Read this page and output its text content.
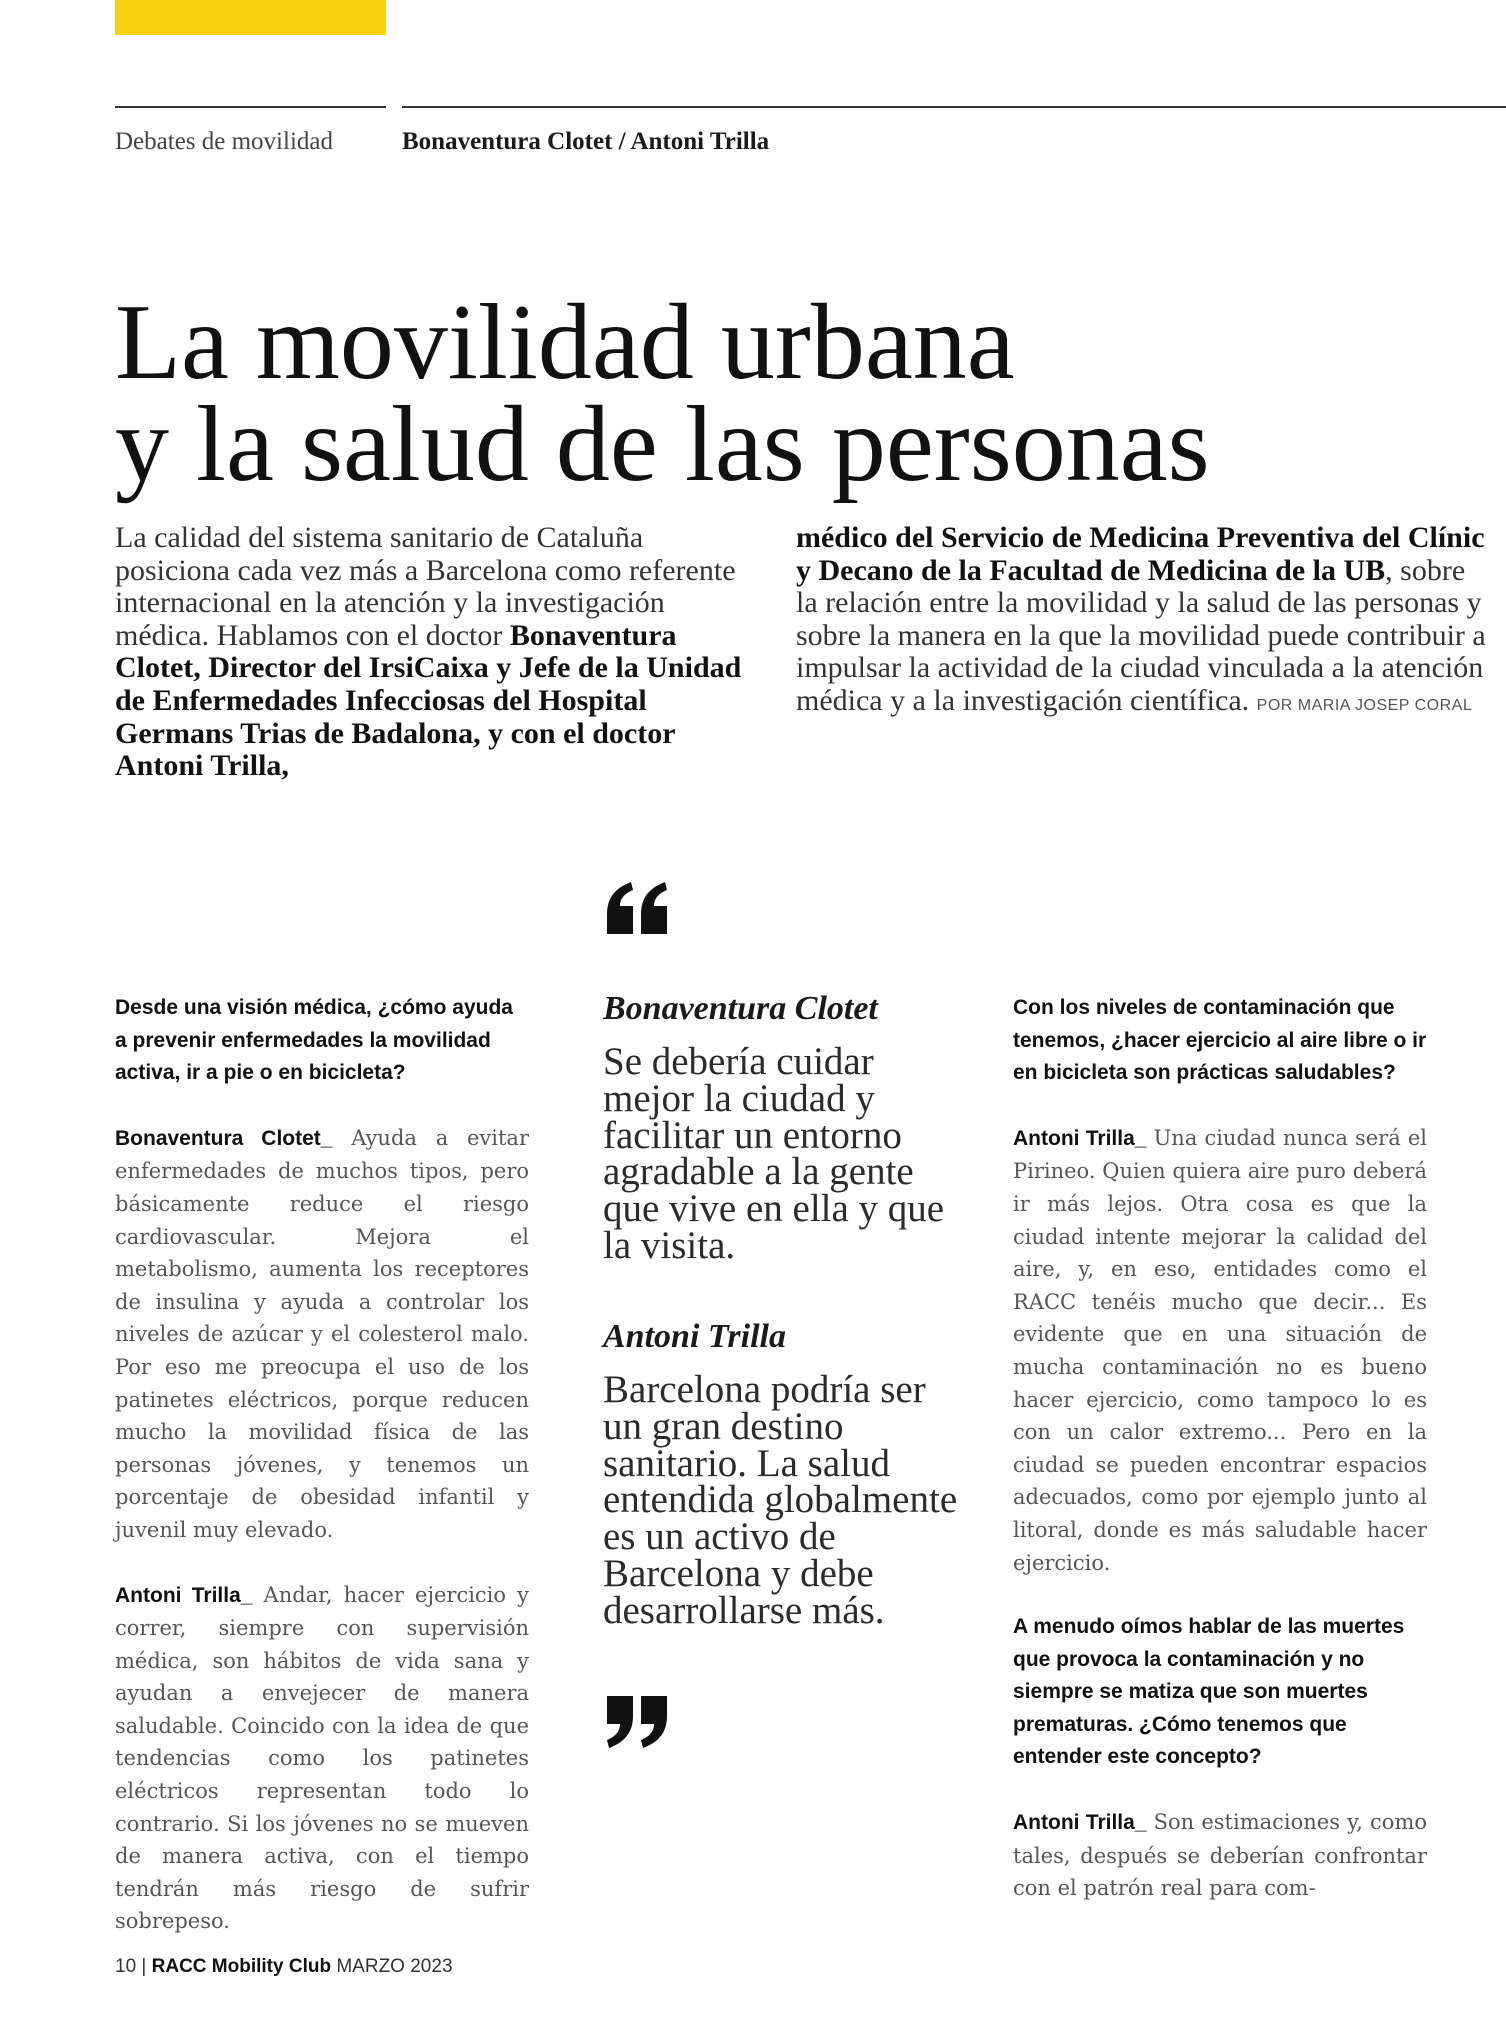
Debates de movilidad	Bonaventura Clotet / Antoni Trilla
La movilidad urbana
y la salud de las personas

La calidad del sistema sanitario de Cataluña posiciona cada vez más a Barcelona como referente internacional en la atención y la investigación médica. Hablamos con el doctor Bonaventura Clotet, Director del IrsiCaixa y Jefe de la Unidad de Enfermedades Infecciosas del Hospital Germans Trias de Badalona, y con el doctor Antoni Trilla,

médico del Servicio de Medicina Preventiva del Clínic y Decano de la Facultad de Medicina de la UB, sobre la relación entre la movilidad y la salud de las personas y sobre la manera en la que la movilidad puede contribuir a impulsar la actividad de la ciudad vinculada a la atención médica y a la investigación científica. POR MARIA JOSEP CORAL

Desde una visión médica, ¿cómo ayuda a prevenir enfermedades la movilidad activa, ir a pie o en bicicleta?

Bonaventura Clotet_ Ayuda a evitar enfermedades de muchos tipos, pero básicamente reduce el riesgo cardiovascular. Mejora el metabolismo, aumenta los receptores de insulina y ayuda a controlar los niveles de azúcar y el colesterol malo. Por eso me preocupa el uso de los patinetes eléctricos, porque reducen mucho la movilidad física de las personas jóvenes, y tenemos un porcentaje de obesidad infantil y juvenil muy elevado.

Antoni Trilla_ Andar, hacer ejercicio y correr, siempre con supervisión médica, son hábitos de vida sana y ayudan a envejecer de manera saludable. Coincido con la idea de que tendencias como los patinetes eléctricos representan todo lo contrario. Si los jóvenes no se mueven de manera activa, con el tiempo tendrán más riesgo de sufrir sobrepeso.

Bonaventura Clotet

Se debería cuidar mejor la ciudad y facilitar un entorno agradable a la gente que vive en ella y que la visita.

Antoni Trilla

Barcelona podría ser un gran destino sanitario. La salud entendida globalmente es un activo de Barcelona y debe desarrollarse más.

Con los niveles de contaminación que tenemos, ¿hacer ejercicio al aire libre o ir en bicicleta son prácticas saludables?

Antoni Trilla_ Una ciudad nunca será el Pirineo. Quien quiera aire puro deberá ir más lejos. Otra cosa es que la ciudad intente mejorar la calidad del aire, y, en eso, entidades como el RACC tenéis mucho que decir... Es evidente que en una situación de mucha contaminación no es bueno hacer ejercicio, como tampoco lo es con un calor extremo... Pero en la ciudad se pueden encontrar espacios adecuados, como por ejemplo junto al litoral, donde es más saludable hacer ejercicio.

A menudo oímos hablar de las muertes que provoca la contaminación y no siempre se matiza que son muertes prematuras. ¿Cómo tenemos que entender este concepto?

Antoni Trilla_ Son estimaciones y, como tales, después se deberían confrontar con el patrón real para com-

10 | RACC Mobility Club MARZO 2023
